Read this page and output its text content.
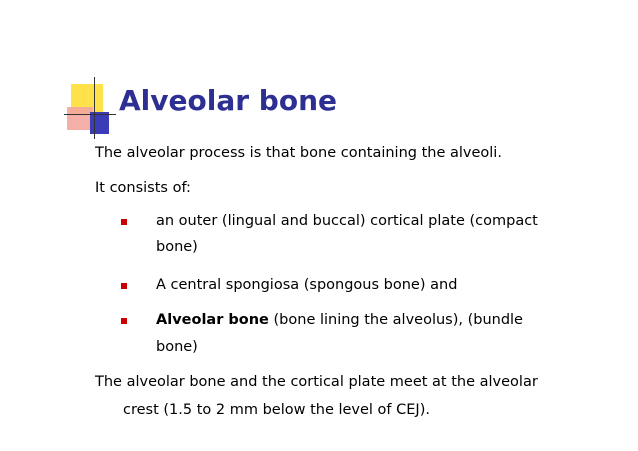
Alveolar bone

The alveolar process is that bone containing the alveoli.

It consists of:

an outer (lingual and buccal) cortical plate (compact

bone)

A central spongiosa (spongous bone) and

Alveolar bone (bone lining the alveolus), (bundle

bone)

The alveolar bone and the cortical plate meet at the alveolar

crest (1.5 to 2 mm below the level of CEJ).
